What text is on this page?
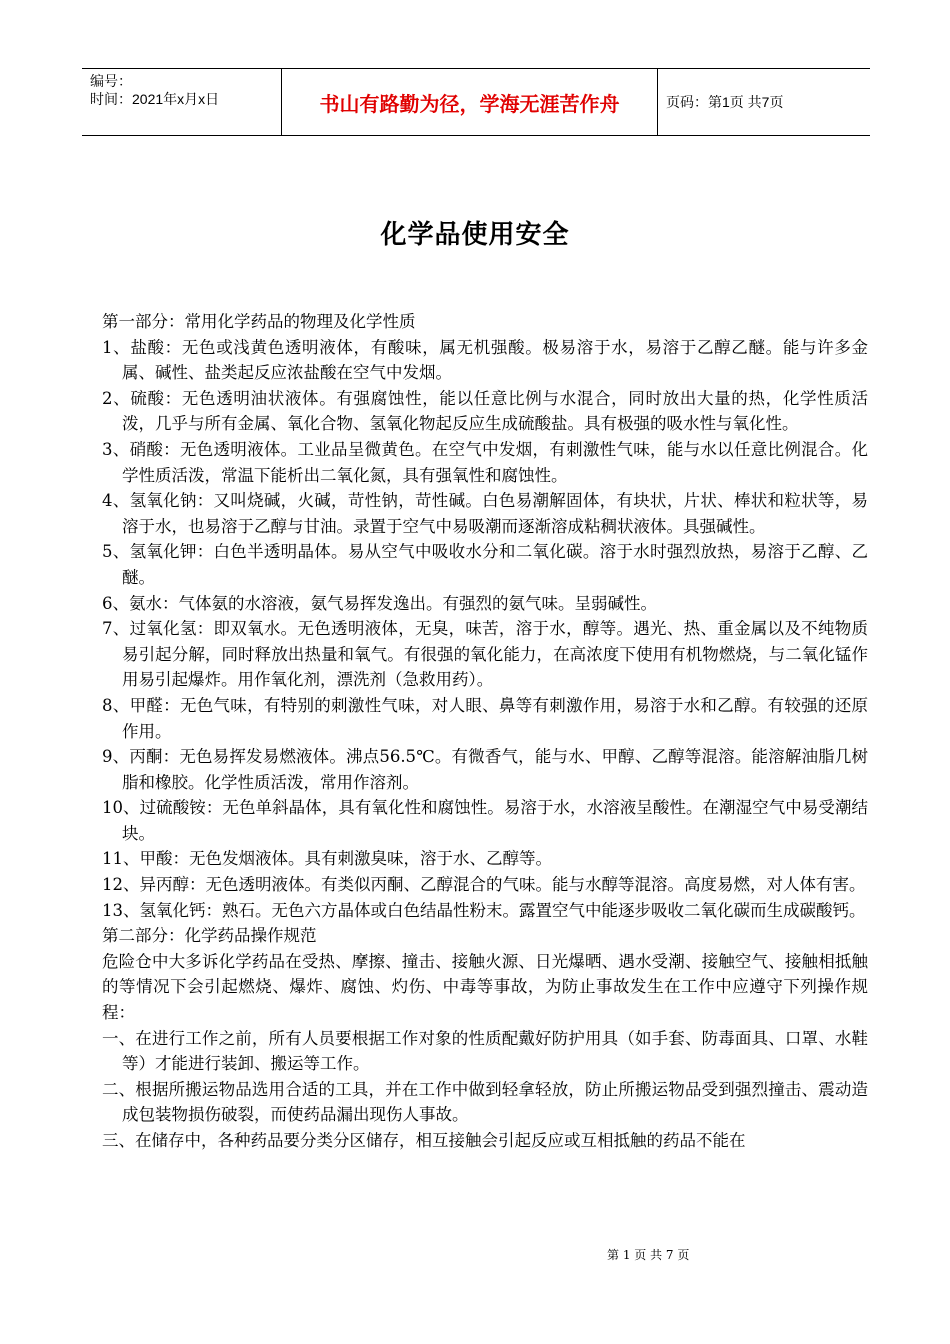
编号：
时间：2021年x月x日	书山有路勤为径，学海无涯苦作舟	页码：第1页 共7页
化学品使用安全

第一部分：常用化学药品的物理及化学性质

1、盐酸：无色或浅黄色透明液体，有酸味，属无机强酸。极易溶于水，易溶于乙醇乙醚。能与许多金属、碱性、盐类起反应浓盐酸在空气中发烟。

2、硫酸：无色透明油状液体。有强腐蚀性，能以任意比例与水混合，同时放出大量的热，化学性质活泼，几乎与所有金属、氧化合物、氢氧化物起反应生成硫酸盐。具有极强的吸水性与氧化性。

3、硝酸：无色透明液体。工业品呈微黄色。在空气中发烟，有刺激性气味，能与水以任意比例混合。化学性质活泼，常温下能析出二氧化氮，具有强氧性和腐蚀性。

4、氢氧化钠：又叫烧碱，火碱，苛性钠，苛性碱。白色易潮解固体，有块状，片状、棒状和粒状等，易溶于水，也易溶于乙醇与甘油。录置于空气中易吸潮而逐渐溶成粘稠状液体。具强碱性。

5、氢氧化钾：白色半透明晶体。易从空气中吸收水分和二氧化碳。溶于水时强烈放热，易溶于乙醇、乙醚。

6、氨水：气体氨的水溶液，氨气易挥发逸出。有强烈的氨气味。呈弱碱性。

7、过氧化氢：即双氧水。无色透明液体，无臭，味苦，溶于水，醇等。遇光、热、重金属以及不纯物质易引起分解，同时释放出热量和氧气。有很强的氧化能力，在高浓度下使用有机物燃烧，与二氧化锰作用易引起爆炸。用作氧化剂，漂洗剂（急救用药）。

8、甲醛：无色气味，有特别的刺激性气味，对人眼、鼻等有刺激作用，易溶于水和乙醇。有较强的还原作用。

9、丙酮：无色易挥发易燃液体。沸点56.5℃。有微香气，能与水、甲醇、乙醇等混溶。能溶解油脂几树脂和橡胶。化学性质活泼，常用作溶剂。

10、过硫酸铵：无色单斜晶体，具有氧化性和腐蚀性。易溶于水，水溶液呈酸性。在潮湿空气中易受潮结块。

11、甲酸：无色发烟液体。具有刺激臭味，溶于水、乙醇等。

12、异丙醇：无色透明液体。有类似丙酮、乙醇混合的气味。能与水醇等混溶。高度易燃，对人体有害。

13、氢氧化钙：熟石。无色六方晶体或白色结晶性粉末。露置空气中能逐步吸收二氧化碳而生成碳酸钙。

第二部分：化学药品操作规范

危险仓中大多诉化学药品在受热、摩擦、撞击、接触火源、日光爆晒、遇水受潮、接触空气、接触相抵触的等情况下会引起燃烧、爆炸、腐蚀、灼伤、中毒等事故，为防止事故发生在工作中应遵守下列操作规程：

一、在进行工作之前，所有人员要根据工作对象的性质配戴好防护用具（如手套、防毒面具、口罩、水鞋等）才能进行装卸、搬运等工作。

二、根据所搬运物品选用合适的工具，并在工作中做到轻拿轻放，防止所搬运物品受到强烈撞击、震动造成包装物损伤破裂，而使药品漏出现伤人事故。

三、在储存中，各种药品要分类分区储存，相互接触会引起反应或互相抵触的药品不能在

第 1 页 共 7 页
